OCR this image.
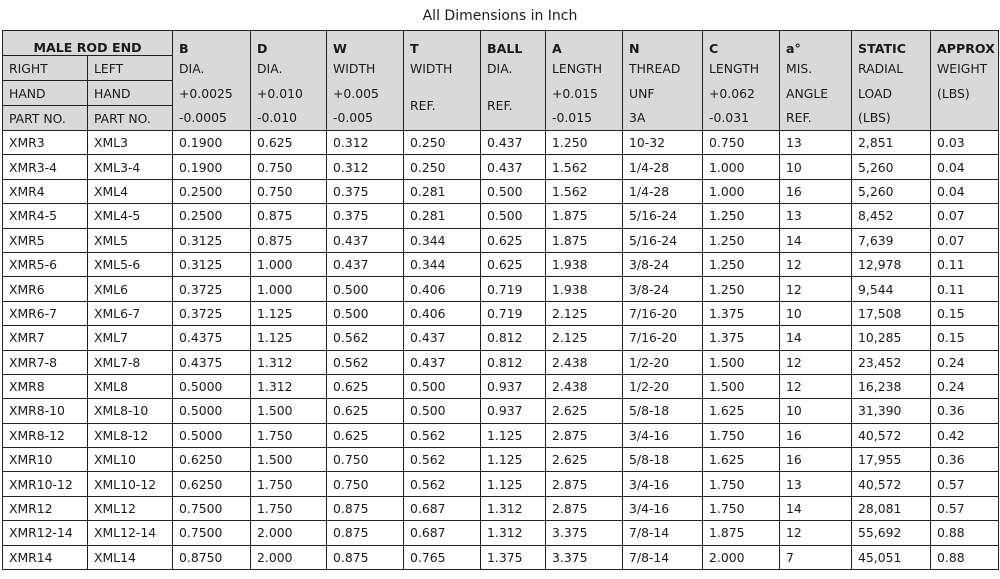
All Dimensions in Inch
MALE ROD END		B	D	W	T	BALL	A	N	C	a°	STATIC	APPROX
RIGHT	LEFT	DIA.	DIA.	WIDTH	WIDTH	DIA.	LENGTH	THREAD	LENGTH	MIS.	RADIAL	WEIGHT
HAND	HAND	+0.0025	+0.010	+0.005	REF.	REF.	+0.015	UNF	+0.062	ANGLE	LOAD	(LBS)
PART NO.	PART NO.	-0.0005	-0.010	-0.005			-0.015	3A	-0.031	REF.	(LBS)	
XMR3	XML3	0.1900	0.625	0.312	0.250	0.437	1.250	10-32	0.750	13	2,851	0.03
XMR3-4	XML3-4	0.1900	0.750	0.312	0.250	0.437	1.562	1/4-28	1.000	10	5,260	0.04
XMR4	XML4	0.2500	0.750	0.375	0.281	0.500	1.562	1/4-28	1.000	16	5,260	0.04
XMR4-5	XML4-5	0.2500	0.875	0.375	0.281	0.500	1.875	5/16-24	1.250	13	8,452	0.07
XMR5	XML5	0.3125	0.875	0.437	0.344	0.625	1.875	5/16-24	1.250	14	7,639	0.07
XMR5-6	XML5-6	0.3125	1.000	0.437	0.344	0.625	1.938	3/8-24	1.250	12	12,978	0.11
XMR6	XML6	0.3725	1.000	0.500	0.406	0.719	1.938	3/8-24	1.250	12	9,544	0.11
XMR6-7	XML6-7	0.3725	1.125	0.500	0.406	0.719	2.125	7/16-20	1.375	10	17,508	0.15
XMR7	XML7	0.4375	1.125	0.562	0.437	0.812	2.125	7/16-20	1.375	14	10,285	0.15
XMR7-8	XML7-8	0.4375	1.312	0.562	0.437	0.812	2.438	1/2-20	1.500	12	23,452	0.24
XMR8	XML8	0.5000	1.312	0.625	0.500	0.937	2.438	1/2-20	1.500	12	16,238	0.24
XMR8-10	XML8-10	0.5000	1.500	0.625	0.500	0.937	2.625	5/8-18	1.625	10	31,390	0.36
XMR8-12	XML8-12	0.5000	1.750	0.625	0.562	1.125	2.875	3/4-16	1.750	16	40,572	0.42
XMR10	XML10	0.6250	1.500	0.750	0.562	1.125	2.625	5/8-18	1.625	16	17,955	0.36
XMR10-12	XML10-12	0.6250	1.750	0.750	0.562	1.125	2.875	3/4-16	1.750	13	40,572	0.57
XMR12	XML12	0.7500	1.750	0.875	0.687	1.312	2.875	3/4-16	1.750	14	28,081	0.57
XMR12-14	XML12-14	0.7500	2.000	0.875	0.687	1.312	3.375	7/8-14	1.875	12	55,692	0.88
XMR14	XML14	0.8750	2.000	0.875	0.765	1.375	3.375	7/8-14	2.000	7	45,051	0.88
